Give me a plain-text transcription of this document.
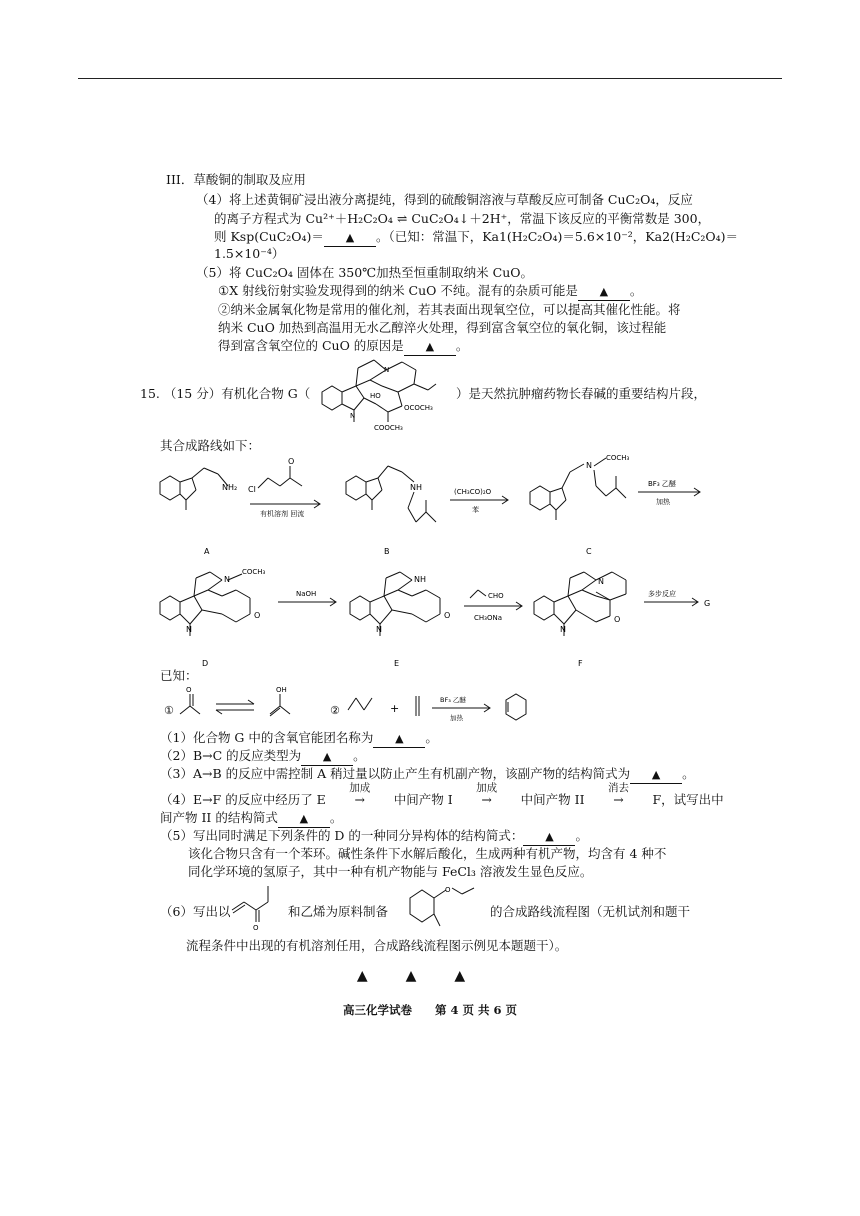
III．草酸铜的制取及应用
（4）将上述黄铜矿浸出液分离提纯，得到的硫酸铜溶液与草酸反应可制备 CuC₂O₄，反应
的离子方程式为 Cu²⁺＋H₂C₂O₄ ⇌ CuC₂O₄↓＋2H⁺，常温下该反应的平衡常数是 300，
则 Ksp(CuC₂O₄)＝ ▲ 。（已知：常温下，Ka1(H₂C₂O₄)＝5.6×10⁻²，Ka2(H₂C₂O₄)＝
1.5×10⁻⁴）
（5）将 CuC₂O₄ 固体在 350℃加热至恒重制取纳米 CuO。
①X 射线衍射实验发现得到的纳米 CuO 不纯。混有的杂质可能是 ▲ 。
②纳米金属氧化物是常用的催化剂，若其表面出现氧空位，可以提高其催化性能。将
纳米 CuO 加热到高温用无水乙醇淬火处理，得到富含氧空位的氧化铜，该过程能
得到富含氧空位的 CuO 的原因是 ▲ 。
15. （15 分）有机化合物 G（	）是天然抗肿瘤药物长春碱的重要结构片段，
N
N
HO
OCOCH₃
COOCH₃
其合成路线如下：
NH₂ Cl
O
有机溶剂 回流
NH	(CH₃CO)₂O
苯
N
COCH₃
BF₃ 乙醚
加热
A	B	C
N
COCH₃
N
O
NaOH
NH
N
O
CHO
CH₃ONa
N
N
O
多步反应
G
D	E	F
已知：
①
O	OH
②	+
BF₃ 乙醚
加热
（1）化合物 G 中的含氧官能团名称为 ▲ 。
（2）B→C 的反应类型为 ▲ 。
（3）A→B 的反应中需控制 A 稍过量以防止产生有机副产物，该副产物的结构简式为 ▲ 。
（4）E→F 的反应中经历了 E
加成
→ 中间产物 I
加成
→ 中间产物 II
消去
→ F，试写出中
间产物 II 的结构简式 ▲ 。
（5）写出同时满足下列条件的 D 的一种同分异构体的结构简式： ▲ 。
该化合物只含有一个苯环。碱性条件下水解后酸化，生成两种有机产物，均含有 4 种不
同化学环境的氢原子，其中一种有机产物能与 FeCl₃ 溶液发生显色反应。
（6）写出以
O
和乙烯为原料制备
O
的合成路线流程图（无机试剂和题干
流程条件中出现的有机溶剂任用，合成路线流程图示例见本题题干）。
▲▲▲
高三化学试卷　　第 4 页 共 6 页
